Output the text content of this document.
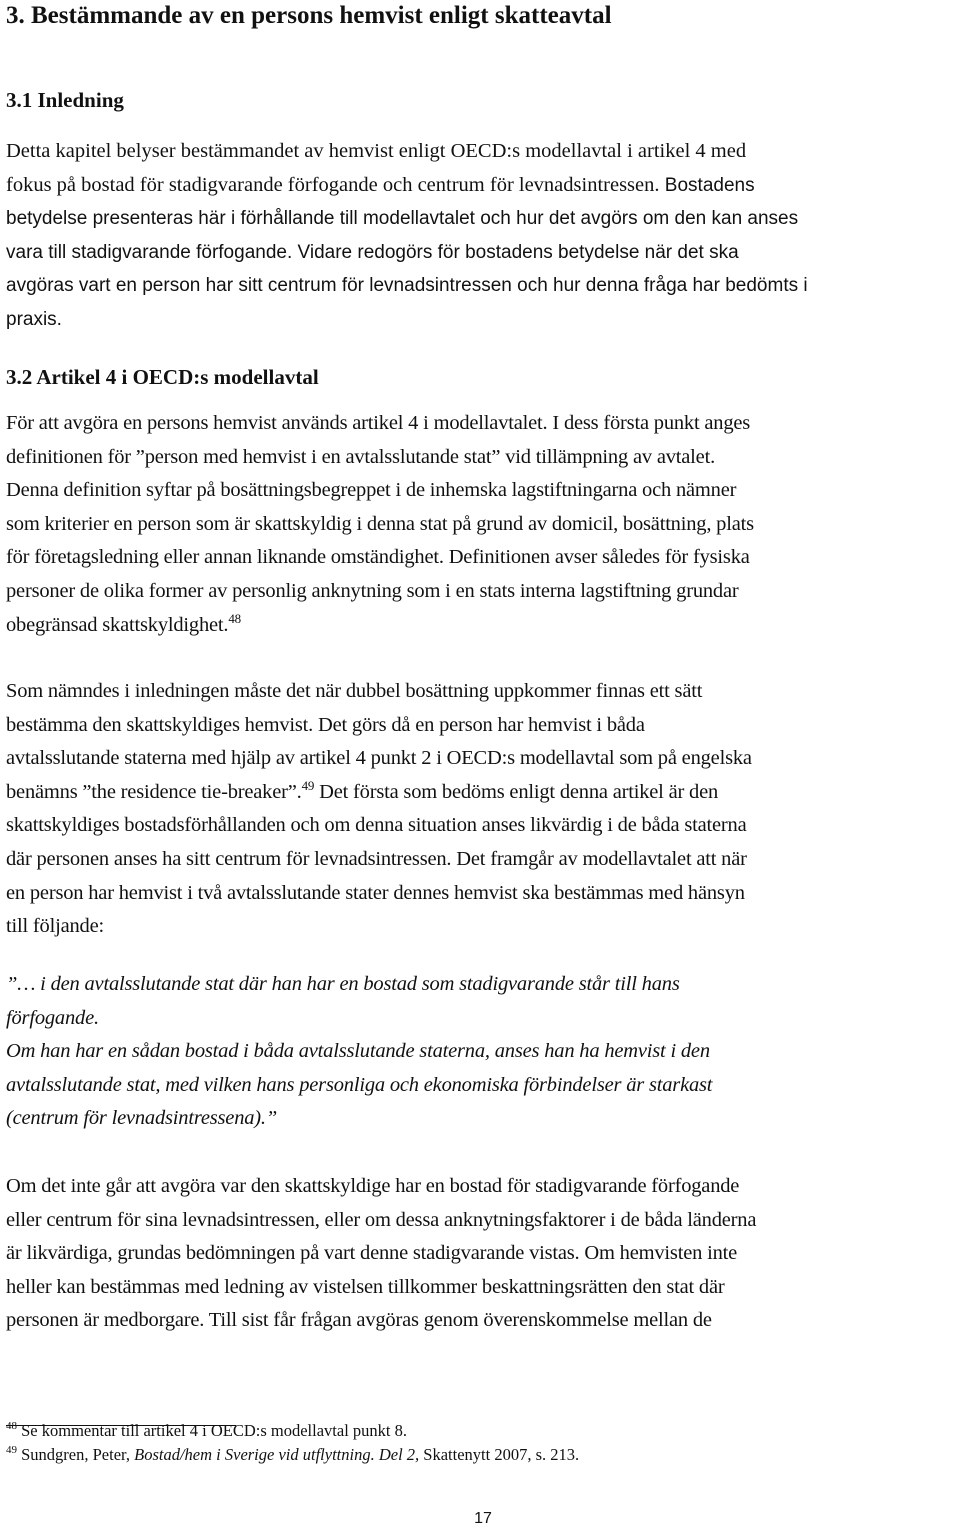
3. Bestämmande av en persons hemvist enligt skatteavtal
3.1 Inledning

Detta kapitel belyser bestämmandet av hemvist enligt OECD:s modellavtal i artikel 4 med
fokus på bostad för stadigvarande förfogande och centrum för levnadsintressen. Bostadens
betydelse presenteras här i förhållande till modellavtalet och hur det avgörs om den kan anses
vara till stadigvarande förfogande. Vidare redogörs för bostadens betydelse när det ska
avgöras vart en person har sitt centrum för levnadsintressen och hur denna fråga har bedömts i
praxis.

3.2 Artikel 4 i OECD:s modellavtal

För att avgöra en persons hemvist används artikel 4 i modellavtalet. I dess första punkt anges
definitionen för ”person med hemvist i en avtalsslutande stat” vid tillämpning av avtalet.
Denna definition syftar på bosättningsbegreppet i de inhemska lagstiftningarna och nämner
som kriterier en person som är skattskyldig i denna stat på grund av domicil, bosättning, plats
för företagsledning eller annan liknande omständighet. Definitionen avser således för fysiska
personer de olika former av personlig anknytning som i en stats interna lagstiftning grundar
obegränsad skattskyldighet.$^{48}$

Som nämndes i inledningen måste det när dubbel bosättning uppkommer finnas ett sätt
bestämma den skattskyldiges hemvist. Det görs då en person har hemvist i båda
avtalsslutande staterna med hjälp av artikel 4 punkt 2 i OECD:s modellavtal som på engelska
benämns ”the residence tie-breaker”.$^{49}$ Det första som bedöms enligt denna artikel är den
skattskyldiges bostadsförhållanden och om denna situation anses likvärdig i de båda staterna
där personen anses ha sitt centrum för levnadsintressen. Det framgår av modellavtalet att när
en person har hemvist i två avtalsslutande stater dennes hemvist ska bestämmas med hänsyn
till följande:

”… i den avtalsslutande stat där han har en bostad som stadigvarande står till hans
förfogande.
Om han har en sådan bostad i båda avtalsslutande staterna, anses han ha hemvist i den
avtalsslutande stat, med vilken hans personliga och ekonomiska förbindelser är starkast
(centrum för levnadsintressena).”

Om det inte går att avgöra var den skattskyldige har en bostad för stadigvarande förfogande
eller centrum för sina levnadsintressen, eller om dessa anknytningsfaktorer i de båda länderna
är likvärdiga, grundas bedömningen på vart denne stadigvarande vistas. Om hemvisten inte
heller kan bestämmas med ledning av vistelsen tillkommer beskattningsrätten den stat där
personen är medborgare. Till sist får frågan avgöras genom överenskommelse mellan de

$^{48}$ Se kommentar till artikel 4 i OECD:s modellavtal punkt 8.

$^{49}$ Sundgren, Peter, Bostad/hem i Sverige vid utflyttning. Del 2, Skattenytt 2007, s. 213.

17
